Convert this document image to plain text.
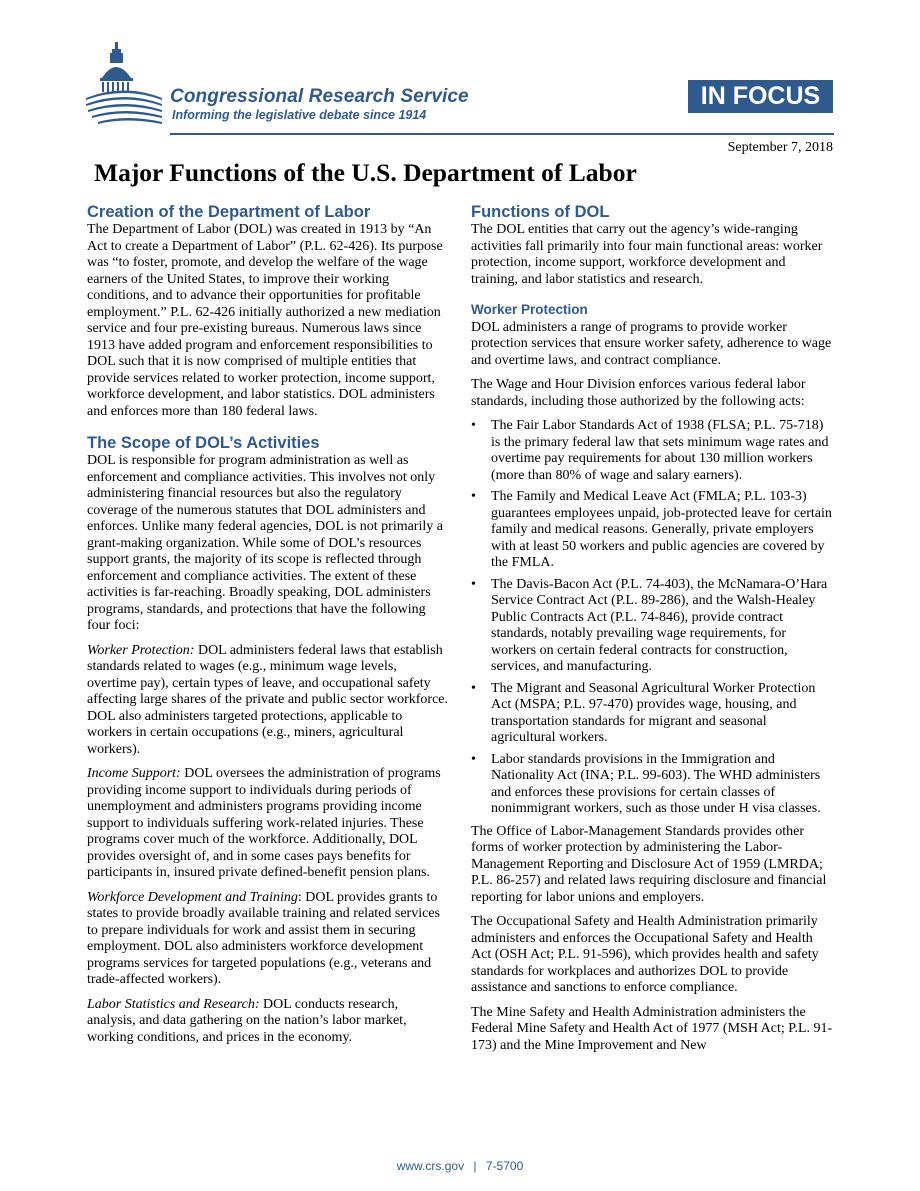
Congressional Research Service
Informing the legislative debate since 1914
IN FOCUS
September 7, 2018
Major Functions of the U.S. Department of Labor
Creation of the Department of Labor

The Department of Labor (DOL) was created in 1913 by “An Act to create a Department of Labor” (P.L. 62-426). Its purpose was “to foster, promote, and develop the welfare of the wage earners of the United States, to improve their working conditions, and to advance their opportunities for profitable employment.” P.L. 62-426 initially authorized a new mediation service and four pre-existing bureaus. Numerous laws since 1913 have added program and enforcement responsibilities to DOL such that it is now comprised of multiple entities that provide services related to worker protection, income support, workforce development, and labor statistics. DOL administers and enforces more than 180 federal laws.

The Scope of DOL’s Activities

DOL is responsible for program administration as well as enforcement and compliance activities. This involves not only administering financial resources but also the regulatory coverage of the numerous statutes that DOL administers and enforces. Unlike many federal agencies, DOL is not primarily a grant-making organization. While some of DOL’s resources support grants, the majority of its scope is reflected through enforcement and compliance activities. The extent of these activities is far-reaching. Broadly speaking, DOL administers programs, standards, and protections that have the following four foci:

Worker Protection: DOL administers federal laws that establish standards related to wages (e.g., minimum wage levels, overtime pay), certain types of leave, and occupational safety affecting large shares of the private and public sector workforce. DOL also administers targeted protections, applicable to workers in certain occupations (e.g., miners, agricultural workers).

Income Support: DOL oversees the administration of programs providing income support to individuals during periods of unemployment and administers programs providing income support to individuals suffering work-related injuries. These programs cover much of the workforce. Additionally, DOL provides oversight of, and in some cases pays benefits for participants in, insured private defined-benefit pension plans.

Workforce Development and Training: DOL provides grants to states to provide broadly available training and related services to prepare individuals for work and assist them in securing employment. DOL also administers workforce development programs services for targeted populations (e.g., veterans and trade-affected workers).

Labor Statistics and Research: DOL conducts research, analysis, and data gathering on the nation’s labor market, working conditions, and prices in the economy.

Functions of DOL

The DOL entities that carry out the agency’s wide-ranging activities fall primarily into four main functional areas: worker protection, income support, workforce development and training, and labor statistics and research.

Worker Protection

DOL administers a range of programs to provide worker protection services that ensure worker safety, adherence to wage and overtime laws, and contract compliance.

The Wage and Hour Division enforces various federal labor standards, including those authorized by the following acts:

• The Fair Labor Standards Act of 1938 (FLSA; P.L. 75-718) is the primary federal law that sets minimum wage rates and overtime pay requirements for about 130 million workers (more than 80% of wage and salary earners).
• The Family and Medical Leave Act (FMLA; P.L. 103-3) guarantees employees unpaid, job-protected leave for certain family and medical reasons. Generally, private employers with at least 50 workers and public agencies are covered by the FMLA.
• The Davis-Bacon Act (P.L. 74-403), the McNamara-O’Hara Service Contract Act (P.L. 89-286), and the Walsh-Healey Public Contracts Act (P.L. 74-846), provide contract standards, notably prevailing wage requirements, for workers on certain federal contracts for construction, services, and manufacturing.
• The Migrant and Seasonal Agricultural Worker Protection Act (MSPA; P.L. 97-470) provides wage, housing, and transportation standards for migrant and seasonal agricultural workers.
• Labor standards provisions in the Immigration and Nationality Act (INA; P.L. 99-603). The WHD administers and enforces these provisions for certain classes of nonimmigrant workers, such as those under H visa classes.

The Office of Labor-Management Standards provides other forms of worker protection by administering the Labor-Management Reporting and Disclosure Act of 1959 (LMRDA; P.L. 86-257) and related laws requiring disclosure and financial reporting for labor unions and employers.

The Occupational Safety and Health Administration primarily administers and enforces the Occupational Safety and Health Act (OSH Act; P.L. 91-596), which provides health and safety standards for workplaces and authorizes DOL to provide assistance and sanctions to enforce compliance.

The Mine Safety and Health Administration administers the Federal Mine Safety and Health Act of 1977 (MSH Act; P.L. 91-173) and the Mine Improvement and New

www.crs.gov | 7-5700
